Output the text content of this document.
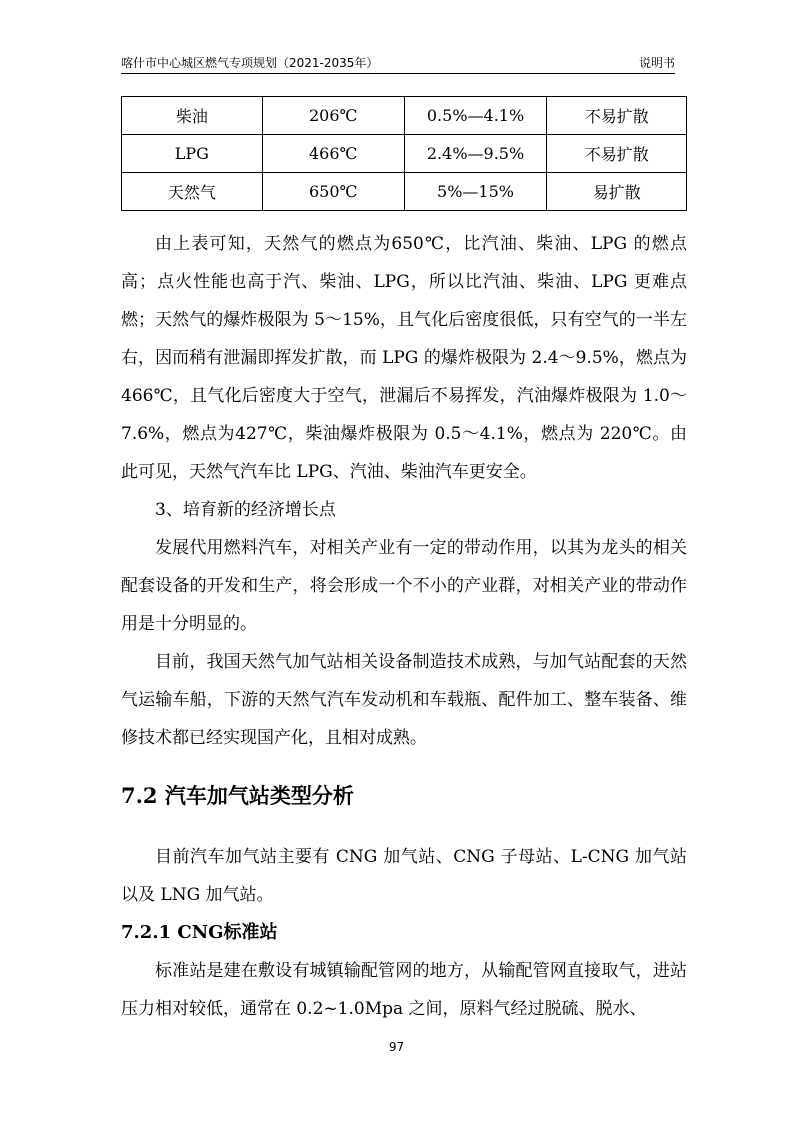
喀什市中心城区燃气专项规划（2021-2035年）	说明书
柴油	206℃	0.5%—4.1%	不易扩散
LPG	466℃	2.4%—9.5%	不易扩散
天然气	650℃	5%—15%	易扩散

由上表可知，天然气的燃点为650℃，比汽油、柴油、LPG 的燃点高；点火性能也高于汽、柴油、LPG，所以比汽油、柴油、LPG 更难点燃；天然气的爆炸极限为 5～15%，且气化后密度很低，只有空气的一半左右，因而稍有泄漏即挥发扩散，而 LPG 的爆炸极限为 2.4～9.5%，燃点为466℃，且气化后密度大于空气，泄漏后不易挥发，汽油爆炸极限为 1.0～7.6%，燃点为427℃，柴油爆炸极限为 0.5～4.1%，燃点为 220℃。由此可见，天然气汽车比 LPG、汽油、柴油汽车更安全。

3、培育新的经济增长点

发展代用燃料汽车，对相关产业有一定的带动作用，以其为龙头的相关配套设备的开发和生产，将会形成一个不小的产业群，对相关产业的带动作用是十分明显的。

目前，我国天然气加气站相关设备制造技术成熟，与加气站配套的天然气运输车船，下游的天然气汽车发动机和车载瓶、配件加工、整车装备、维修技术都已经实现国产化，且相对成熟。

7.2 汽车加气站类型分析

目前汽车加气站主要有 CNG 加气站、CNG 子母站、L-CNG 加气站以及 LNG 加气站。

7.2.1 CNG标准站

标准站是建在敷设有城镇输配管网的地方，从输配管网直接取气，进站压力相对较低，通常在 0.2~1.0Mpa 之间，原料气经过脱硫、脱水、

97
